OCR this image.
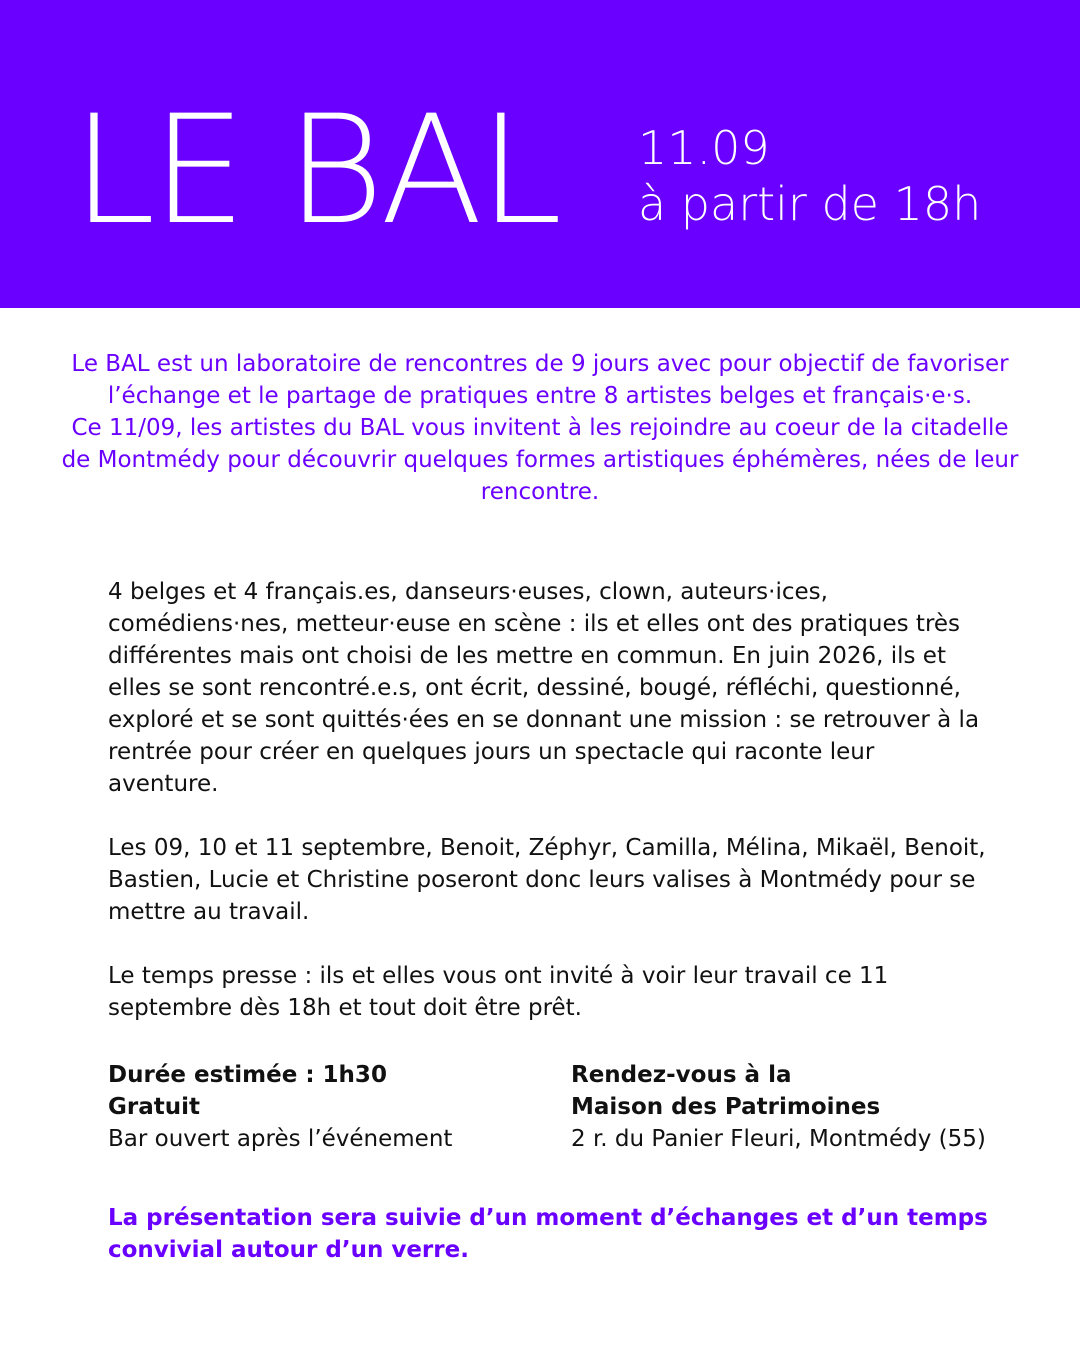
LE BAL 11.09
à partir de 18h

Le BAL est un laboratoire de rencontres de 9 jours avec pour objectif de favoriser l’échange et le partage de pratiques entre 8 artistes belges et français·e·s.

Ce 11/09, les artistes du BAL vous invitent à les rejoindre au coeur de la citadelle de Montmédy pour découvrir quelques formes artistiques éphémères, nées de leur rencontre.

4 belges et 4 français.es, danseurs·euses, clown, auteurs·ices, comédiens·nes, metteur·euse en scène : ils et elles ont des pratiques très différentes mais ont choisi de les mettre en commun. En juin 2026, ils et elles se sont rencontré.e.s, ont écrit, dessiné, bougé, réfléchi, questionné, exploré et se sont quittés·ées en se donnant une mission : se retrouver à la rentrée pour créer en quelques jours un spectacle qui raconte leur aventure.

Les 09, 10 et 11 septembre, Benoit, Zéphyr, Camilla, Mélina, Mikaël, Benoit, Bastien, Lucie et Christine poseront donc leurs valises à Montmédy pour se mettre au travail.

Le temps presse : ils et elles vous ont invité à voir leur travail ce 11 septembre dès 18h et tout doit être prêt.

Durée estimée : 1h30
Gratuit
Bar ouvert après l’événement
Rendez-vous à la
Maison des Patrimoines
2 r. du Panier Fleuri, Montmédy (55)

La présentation sera suivie d’un moment d’échanges et d’un temps convivial autour d’un verre.
